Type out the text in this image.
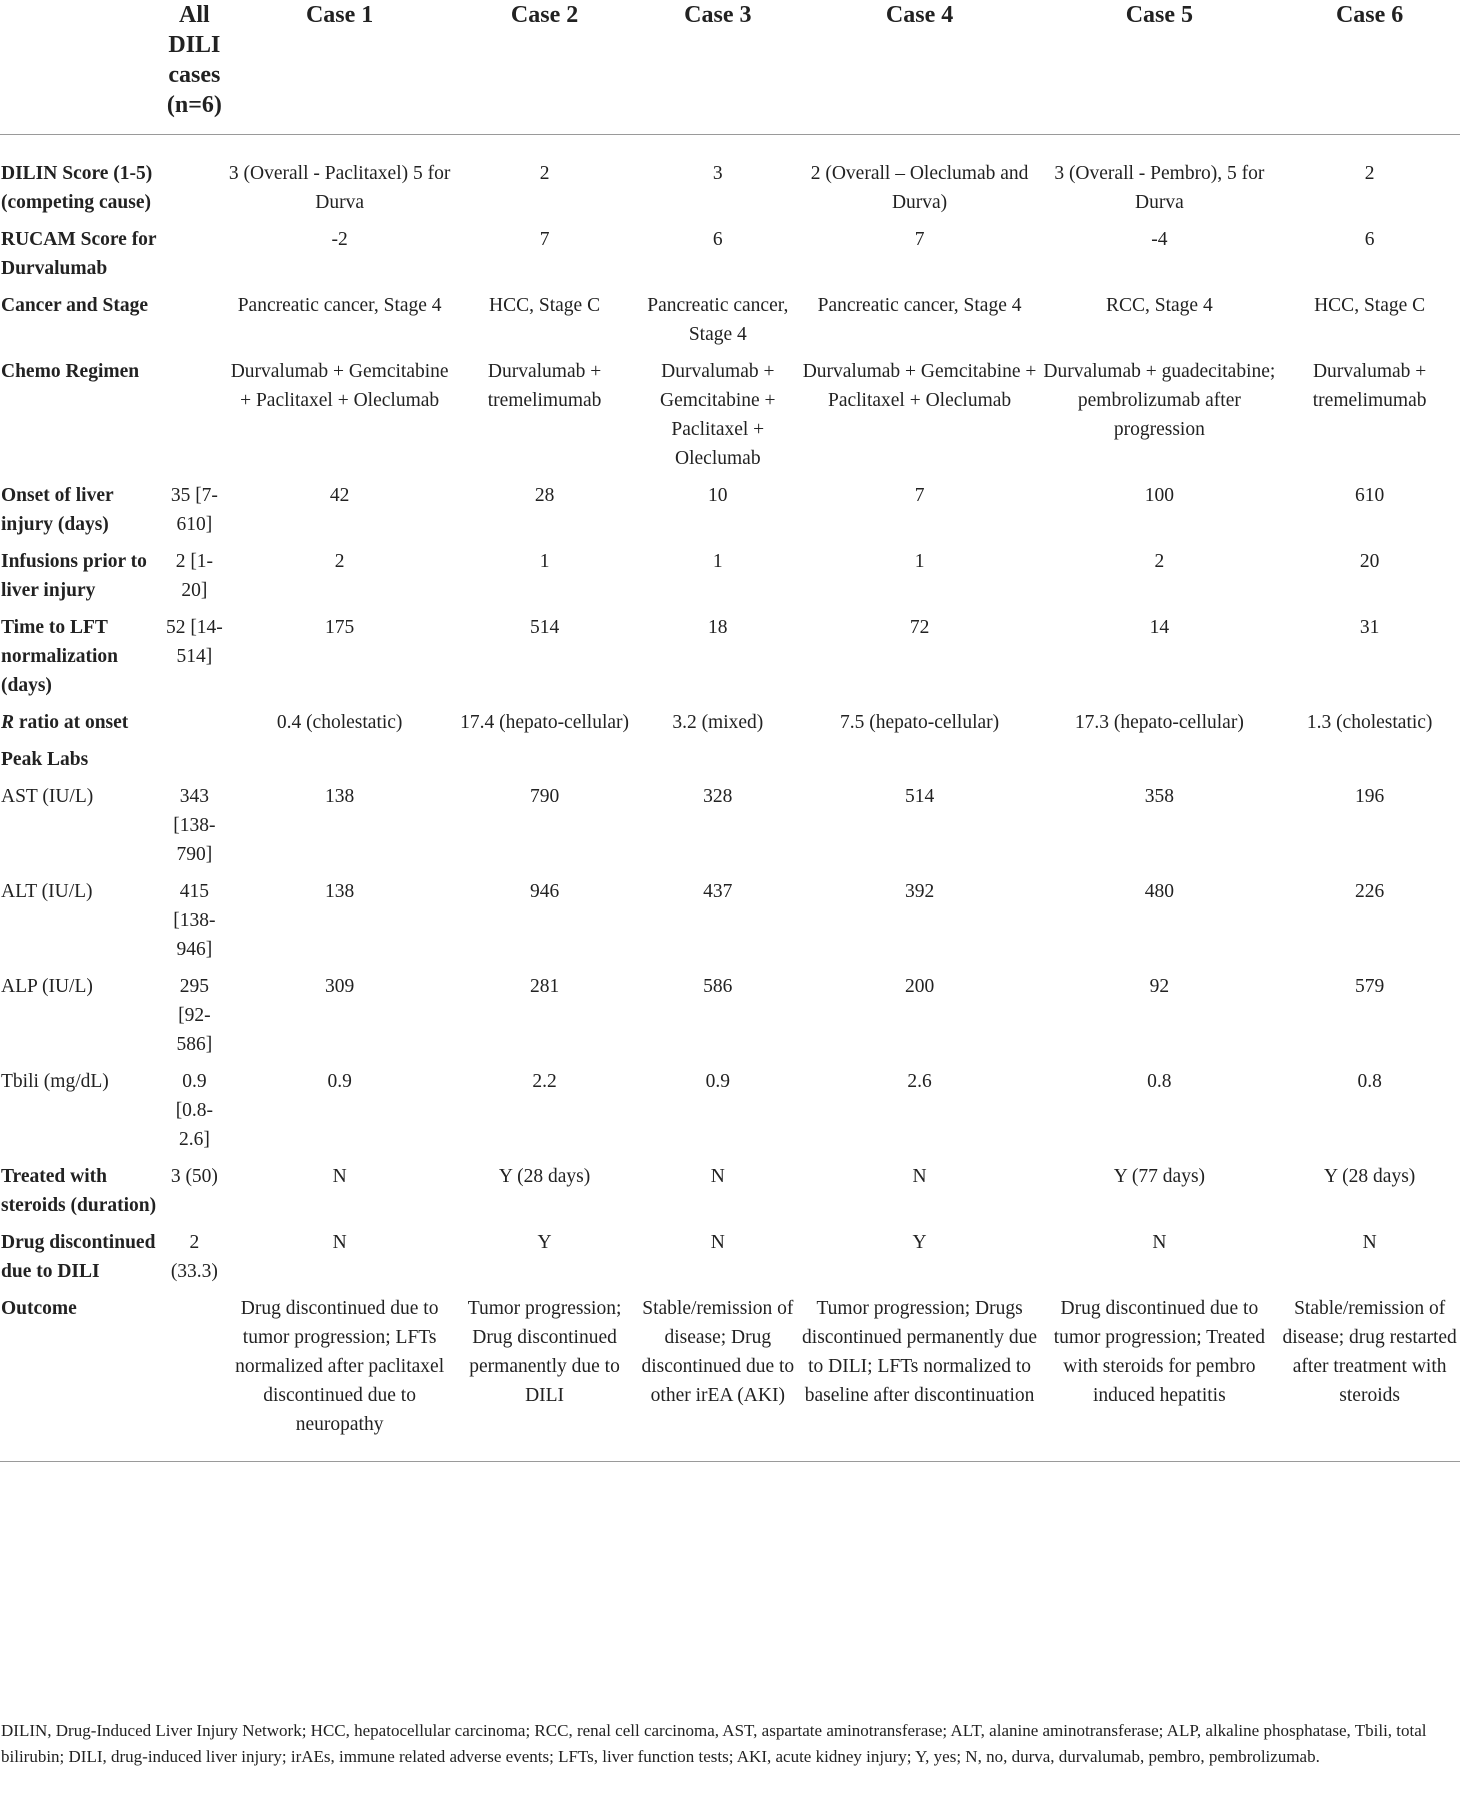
	All DILI cases (n=6)	Case 1	Case 2	Case 3	Case 4	Case 5	Case 6
DILIN Score (1-5) (competing cause)		3 (Overall - Paclitaxel) 5 for Durva	2	3	2 (Overall – Oleclumab and Durva)	3 (Overall - Pembro), 5 for Durva	2
RUCAM Score for Durvalumab		-2	7	6	7	-4	6
Cancer and Stage		Pancreatic cancer, Stage 4	HCC, Stage C	Pancreatic cancer, Stage 4	Pancreatic cancer, Stage 4	RCC, Stage 4	HCC, Stage C
Chemo Regimen		Durvalumab + Gemcitabine + Paclitaxel + Oleclumab	Durvalumab + tremelimumab	Durvalumab + Gemcitabine + Paclitaxel + Oleclumab	Durvalumab + Gemcitabine + Paclitaxel + Oleclumab	Durvalumab + guadecitabine; pembrolizumab after progression	Durvalumab + tremelimumab
Onset of liver injury (days)	35 [7-610]	42	28	10	7	100	610
Infusions prior to liver injury	2 [1-20]	2	1	1	1	2	20
Time to LFT normalization (days)	52 [14-514]	175	514	18	72	14	31
R ratio at onset		0.4 (cholestatic)	17.4 (hepato-cellular)	3.2 (mixed)	7.5 (hepato-cellular)	17.3 (hepato-cellular)	1.3 (cholestatic)
Peak Labs							
AST (IU/L)	343 [138-790]	138	790	328	514	358	196
ALT (IU/L)	415 [138-946]	138	946	437	392	480	226
ALP (IU/L)	295 [92-586]	309	281	586	200	92	579
Tbili (mg/dL)	0.9 [0.8-2.6]	0.9	2.2	0.9	2.6	0.8	0.8
Treated with steroids (duration)	3 (50)	N	Y (28 days)	N	N	Y (77 days)	Y (28 days)
Drug discontinued due to DILI	2 (33.3)	N	Y	N	Y	N	N
Outcome		Drug discontinued due to tumor progression; LFTs normalized after paclitaxel discontinued due to neuropathy	Tumor progression; Drug discontinued permanently due to DILI	Stable/remission of disease; Drug discontinued due to other irEA (AKI)	Tumor progression; Drugs discontinued permanently due to DILI; LFTs normalized to baseline after discontinuation	Drug discontinued due to tumor progression; Treated with steroids for pembro induced hepatitis	Stable/remission of disease; drug restarted after treatment with steroids
DILIN, Drug-Induced Liver Injury Network; HCC, hepatocellular carcinoma; RCC, renal cell carcinoma, AST, aspartate aminotransferase; ALT, alanine aminotransferase; ALP, alkaline phosphatase, Tbili, total bilirubin; DILI, drug-induced liver injury; irAEs, immune related adverse events; LFTs, liver function tests; AKI, acute kidney injury; Y, yes; N, no, durva, durvalumab, pembro, pembrolizumab.
